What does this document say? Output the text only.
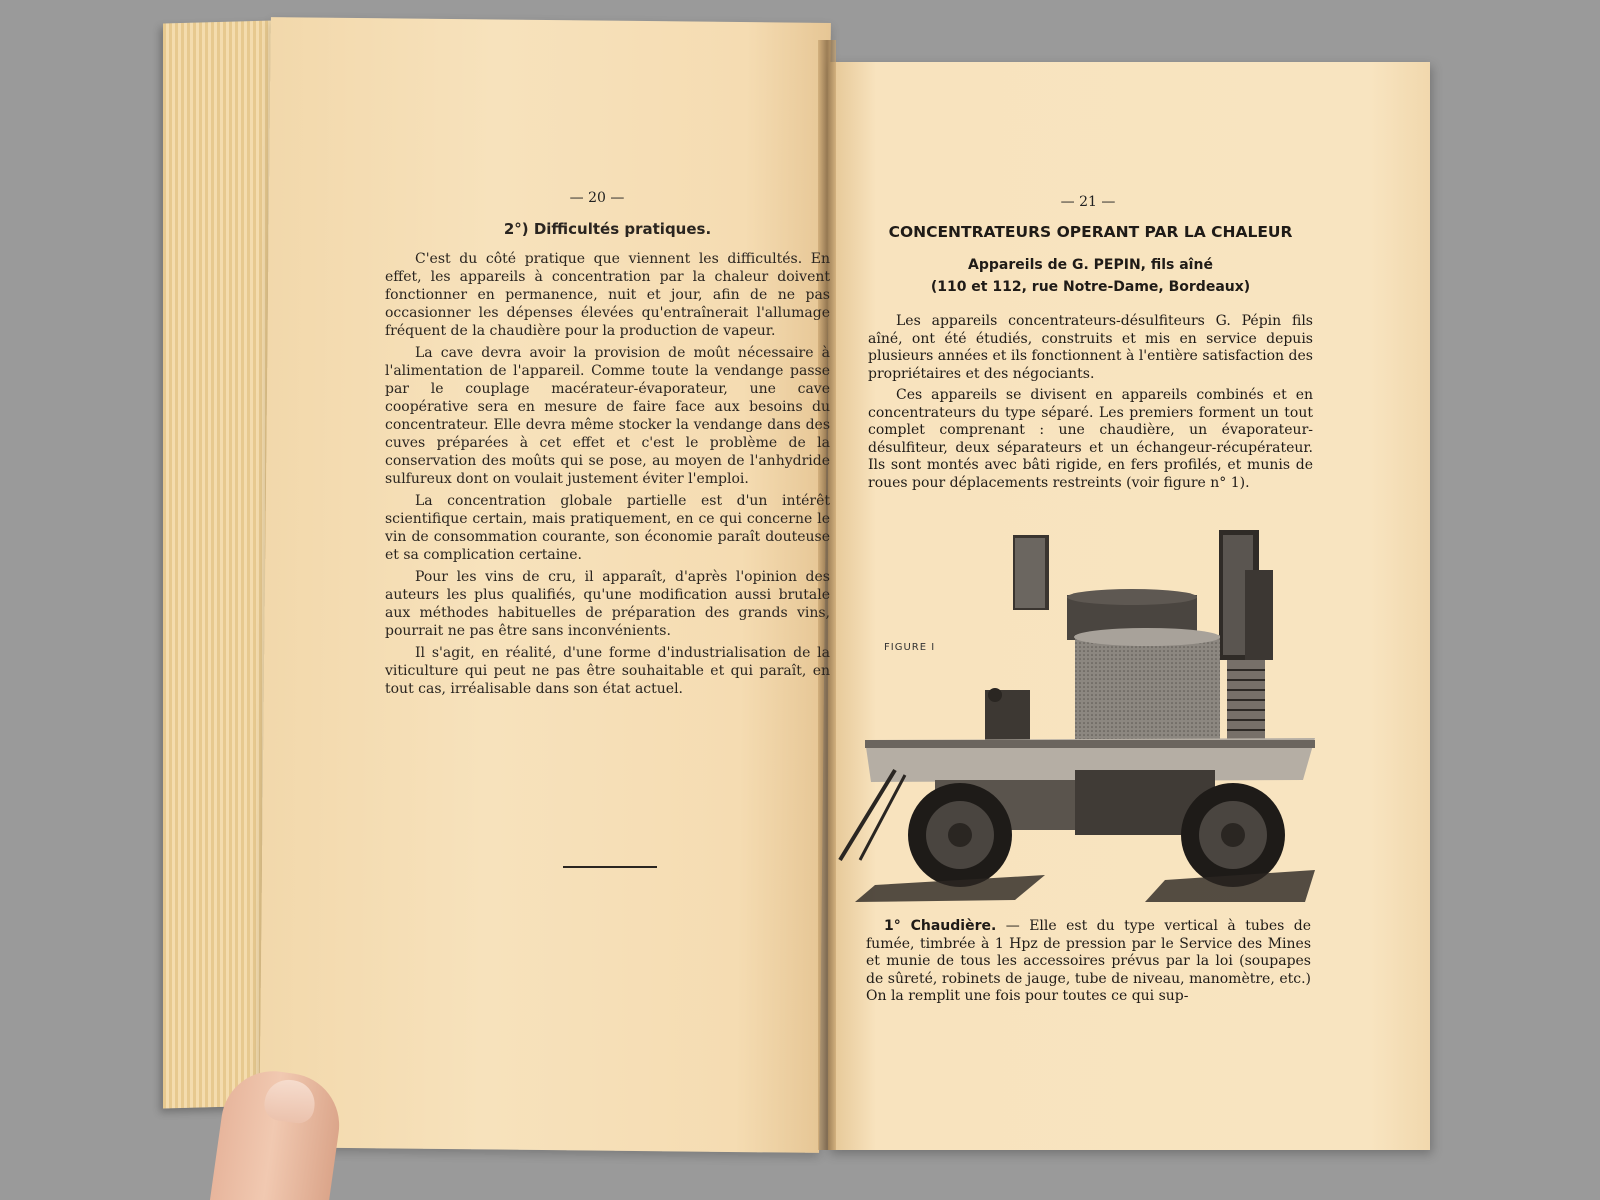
— 20 —	— 21 —
2°) Difficultés pratiques.

C'est du côté pratique que viennent les difficultés. En effet, les appareils à concentration par la chaleur doivent fonctionner en permanence, nuit et jour, afin de ne pas occasionner les dépenses élevées qu'entraînerait l'allumage fréquent de la chaudière pour la production de vapeur.

La cave devra avoir la provision de moût nécessaire à l'alimentation de l'appareil. Comme toute la vendange passe par le couplage macérateur-évaporateur, une cave coopérative sera en mesure de faire face aux besoins du concentrateur. Elle devra même stocker la vendange dans des cuves préparées à cet effet et c'est le problème de la conservation des moûts qui se pose, au moyen de l'anhydride sulfureux dont on voulait justement éviter l'emploi.

La concentration globale partielle est d'un intérêt scientifique certain, mais pratiquement, en ce qui concerne le vin de consommation courante, son économie paraît douteuse et sa complication certaine.

Pour les vins de cru, il apparaît, d'après l'opinion des auteurs les plus qualifiés, qu'une modification aussi brutale aux méthodes habituelles de préparation des grands vins, pourrait ne pas être sans inconvénients.

Il s'agit, en réalité, d'une forme d'industrialisation de la viticulture qui peut ne pas être souhaitable et qui paraît, en tout cas, irréalisable dans son état actuel.

CONCENTRATEURS OPERANT PAR LA CHALEUR

Appareils de G. PEPIN, fils aîné

(110 et 112, rue Notre-Dame, Bordeaux)

Les appareils concentrateurs-désulfiteurs G. Pépin fils aîné, ont été étudiés, construits et mis en service depuis plusieurs années et ils fonctionnent à l'entière satisfaction des propriétaires et des négociants.

Ces appareils se divisent en appareils combinés et en concentrateurs du type séparé. Les premiers forment un tout complet comprenant : une chaudière, un évaporateur-désulfiteur, deux séparateurs et un échangeur-récupérateur. Ils sont montés avec bâti rigide, en fers profilés, et munis de roues pour déplacements restreints (voir figure n° 1).

FIGURE I

1° Chaudière. — Elle est du type vertical à tubes de fumée, timbrée à 1 Hpz de pression par le Service des Mines et munie de tous les accessoires prévus par la loi (soupapes de sûreté, robinets de jauge, tube de niveau, manomètre, etc.) On la remplit une fois pour toutes ce qui sup-
